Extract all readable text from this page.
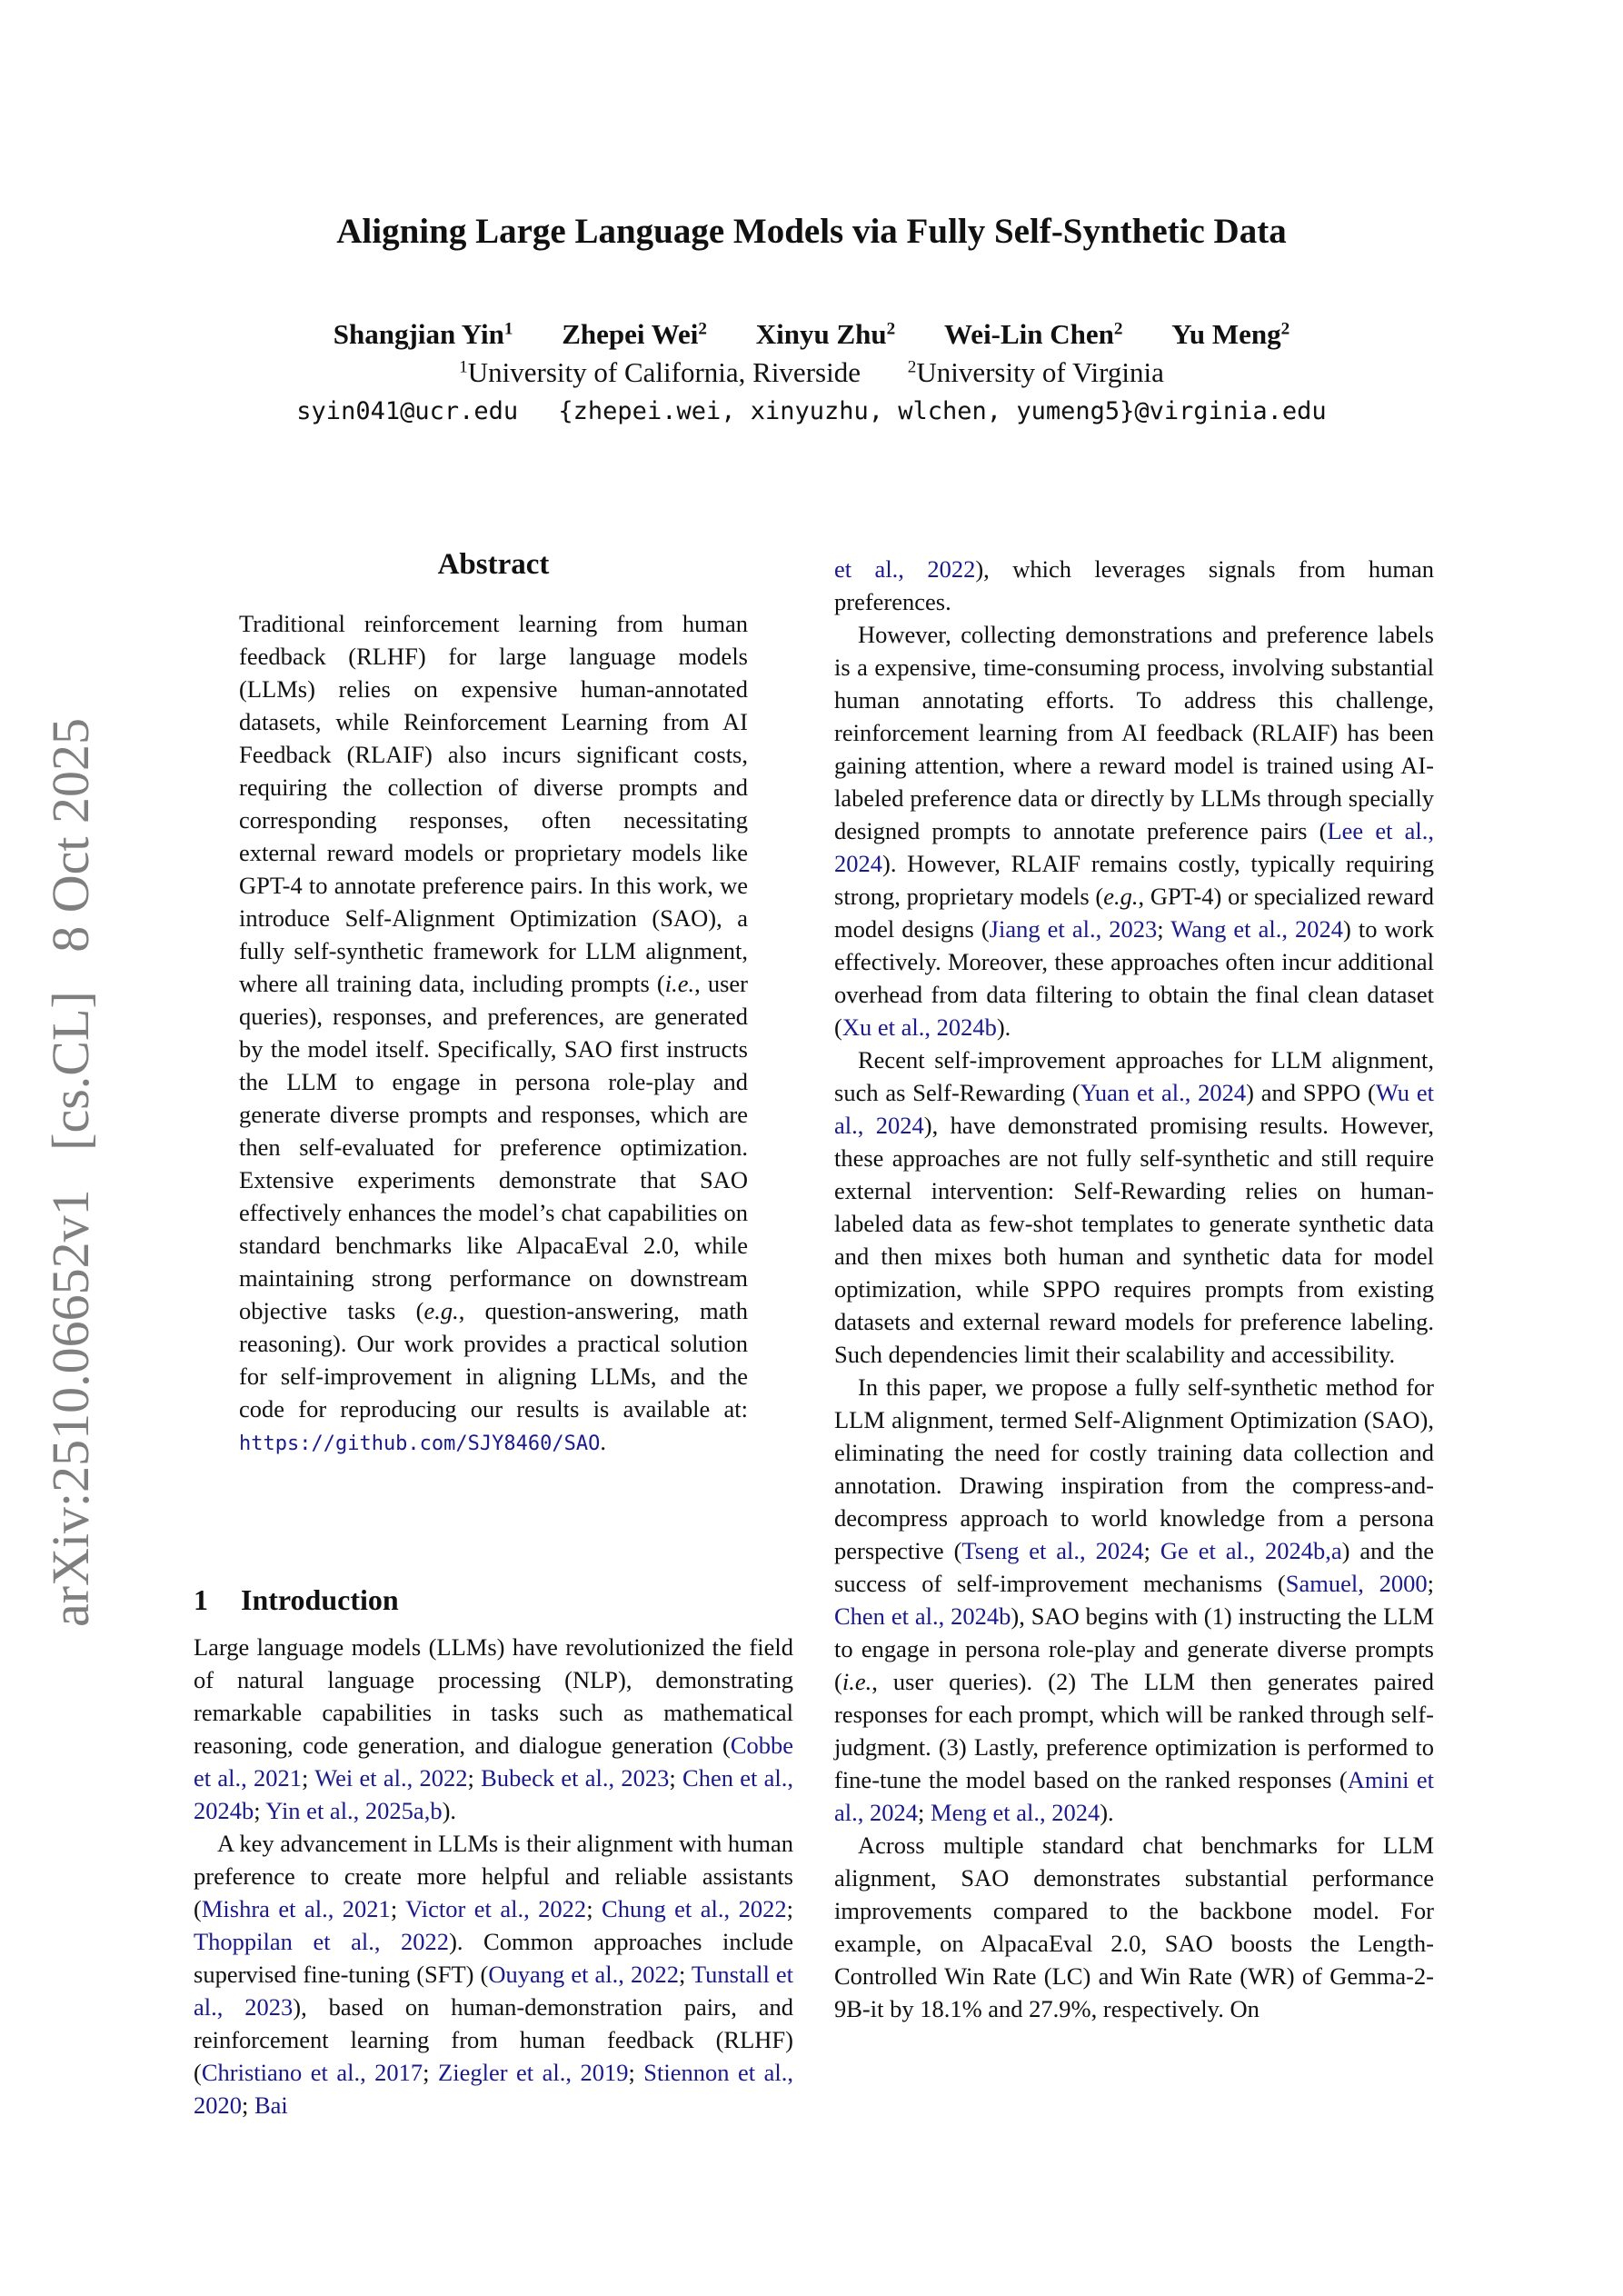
arXiv:2510.06652v1 [cs.CL] 8 Oct 2025
Aligning Large Language Models via Fully Self-Synthetic Data
Shangjian Yin$^1$ Zhepei Wei$^2$ Xinyu Zhu$^2$ Wei-Lin Chen$^2$ Yu Meng$^2$
$^1$University of California, Riverside	$^2$University of Virginia
syin041@ucr.edu {zhepei.wei, xinyuzhu, wlchen, yumeng5}@virginia.edu
Abstract

Traditional reinforcement learning from human feedback (RLHF) for large language models (LLMs) relies on expensive human-annotated datasets, while Reinforcement Learning from AI Feedback (RLAIF) also incurs significant costs, requiring the collection of diverse prompts and corresponding responses, often necessitating external reward models or proprietary models like GPT-4 to annotate preference pairs. In this work, we introduce Self-Alignment Optimization (SAO), a fully self-synthetic framework for LLM alignment, where all training data, including prompts (i.e., user queries), responses, and preferences, are generated by the model itself. Specifically, SAO first instructs the LLM to engage in persona role-play and generate diverse prompts and responses, which are then self-evaluated for preference optimization. Extensive experiments demonstrate that SAO effectively enhances the model’s chat capabilities on standard benchmarks like AlpacaEval 2.0, while maintaining strong performance on downstream objective tasks (e.g., question-answering, math reasoning). Our work provides a practical solution for self-improvement in aligning LLMs, and the code for reproducing our results is available at: https://github.com/SJY8460/SAO.

1 Introduction

Large language models (LLMs) have revolutionized the field of natural language processing (NLP), demonstrating remarkable capabilities in tasks such as mathematical reasoning, code generation, and dialogue generation (Cobbe et al., 2021; Wei et al., 2022; Bubeck et al., 2023; Chen et al., 2024b; Yin et al., 2025a,b).

A key advancement in LLMs is their alignment with human preference to create more helpful and reliable assistants (Mishra et al., 2021; Victor et al., 2022; Chung et al., 2022; Thoppilan et al., 2022). Common approaches include supervised fine-tuning (SFT) (Ouyang et al., 2022; Tunstall et al., 2023), based on human-demonstration pairs, and reinforcement learning from human feedback (RLHF) (Christiano et al., 2017; Ziegler et al., 2019; Stiennon et al., 2020; Bai

et al., 2022), which leverages signals from human preferences.

However, collecting demonstrations and preference labels is a expensive, time-consuming process, involving substantial human annotating efforts. To address this challenge, reinforcement learning from AI feedback (RLAIF) has been gaining attention, where a reward model is trained using AI-labeled preference data or directly by LLMs through specially designed prompts to annotate preference pairs (Lee et al., 2024). However, RLAIF remains costly, typically requiring strong, proprietary models (e.g., GPT-4) or specialized reward model designs (Jiang et al., 2023; Wang et al., 2024) to work effectively. Moreover, these approaches often incur additional overhead from data filtering to obtain the final clean dataset (Xu et al., 2024b).

Recent self-improvement approaches for LLM alignment, such as Self-Rewarding (Yuan et al., 2024) and SPPO (Wu et al., 2024), have demonstrated promising results. However, these approaches are not fully self-synthetic and still require external intervention: Self-Rewarding relies on human-labeled data as few-shot templates to generate synthetic data and then mixes both human and synthetic data for model optimization, while SPPO requires prompts from existing datasets and external reward models for preference labeling. Such dependencies limit their scalability and accessibility.

In this paper, we propose a fully self-synthetic method for LLM alignment, termed Self-Alignment Optimization (SAO), eliminating the need for costly training data collection and annotation. Drawing inspiration from the compress-and-decompress approach to world knowledge from a persona perspective (Tseng et al., 2024; Ge et al., 2024b,a) and the success of self-improvement mechanisms (Samuel, 2000; Chen et al., 2024b), SAO begins with (1) instructing the LLM to engage in persona role-play and generate diverse prompts (i.e., user queries). (2) The LLM then generates paired responses for each prompt, which will be ranked through self-judgment. (3) Lastly, preference optimization is performed to fine-tune the model based on the ranked responses (Amini et al., 2024; Meng et al., 2024).

Across multiple standard chat benchmarks for LLM alignment, SAO demonstrates substantial performance improvements compared to the backbone model. For example, on AlpacaEval 2.0, SAO boosts the Length-Controlled Win Rate (LC) and Win Rate (WR) of Gemma-2-9B-it by 18.1% and 27.9%, respectively. On
